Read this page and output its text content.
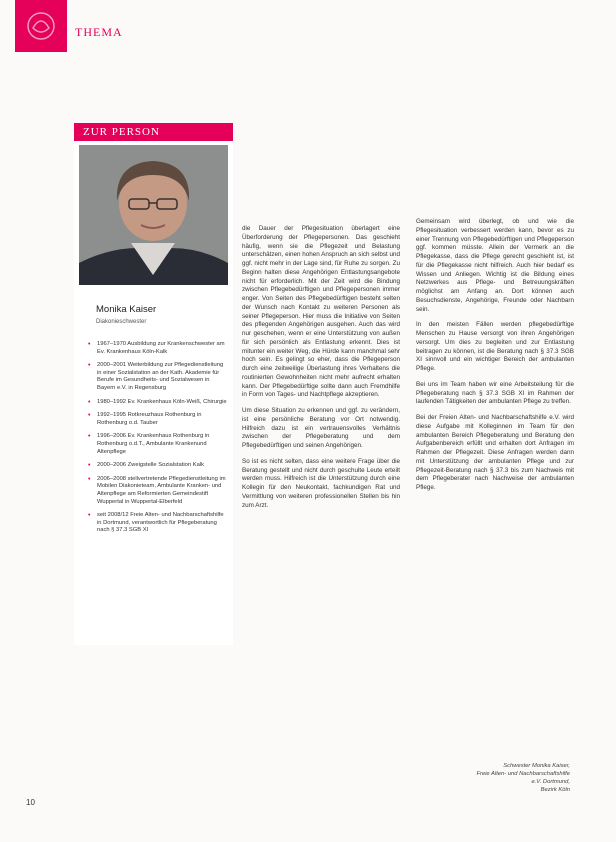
THEMA
ZUR PERSON
Monika Kaiser
Diakonieschwester
• 1967–1970 Ausbildung zur Krankenschwester am Ev. Krankenhaus Köln-Kalk
• 2000–2001 Weiterbildung zur Pflegedienstleitung in einer Sozialstation an der Kath. Akademie für Berufe im Gesundheits- und Sozialwesen in Bayern e.V. in Regensburg
• 1980–1992 Ev. Krankenhaus Köln-Weiß, Chirurgie
• 1992–1995 Rotkreuzhaus Rothenburg in Rothenburg o.d. Tauber
• 1996–2006 Ev. Krankenhaus Rothenburg in Rothenburg o.d.T., Ambulante Krankenund Altenpflege
• 2000–2006 Zweigstelle Sozialstation Kalk
• 2006–2008 stellvertretende Pflegedienstleitung im Mobilen Diakonieteam, Ambulante Kranken- und Altenpflege am Reformierten Gemeindestift Wuppertal in Wuppertal-Elberfeld
• seit 2008/12 Freie Alten- und Nachbarschaftshilfe in Dortmund, verantwortlich für Pflegeberatung nach § 37.3 SGB XI

die Dauer der Pflegesituation überlagert eine Überforderung der Pflegepersonen. Das geschieht häufig, wenn sie die Pflegezeit und Belastung unterschätzen, einen hohen Anspruch an sich selbst und ggf. nicht mehr in der Lage sind, für Ruhe zu sorgen. Zu Beginn halten diese Angehörigen Entlastungsangebote nicht für erforderlich. Mit der Zeit wird die Bindung zwischen Pflegebedürftigen und Pflegepersonen immer enger. Von Seiten des Pflegebedürftigen besteht selten der Wunsch nach Kontakt zu weiteren Personen als seiner Pflegeperson. Hier muss die Initiative von Seiten des pflegenden Angehörigen ausgehen. Auch das wird nur geschehen, wenn er eine Unterstützung von außen für sich persönlich als Entlastung erkennt. Dies ist mitunter ein weiter Weg, die Hürde kann manchmal sehr hoch sein. Es gelingt so eher, dass die Pflegeperson durch eine zeitweilige Überlastung ihres Verhaltens die routinierten Gewohnheiten nicht mehr aufrecht erhalten kann. Der Pflegebedürftige sollte dann auch Fremdhilfe in Form von Tages- und Nachtpflege akzeptieren.

Um diese Situation zu erkennen und ggf. zu verändern, ist eine persönliche Beratung vor Ort notwendig. Hilfreich dazu ist ein vertrauensvolles Verhältnis zwischen der Pflegeberatung und dem Pflegebedürftigen und seinen Angehörigen.

So ist es nicht selten, dass eine weitere Frage über die Beratung gestellt und nicht durch geschulte Leute erteilt werden muss. Hilfreich ist die Unterstützung durch eine Kollegin für den Neukontakt, fachkundigen Rat und Vermittlung von weiteren professionellen Stellen bis hin zum Arzt.

Gemeinsam wird überlegt, ob und wie die Pflegesituation verbessert werden kann, bevor es zu einer Trennung von Pflegebedürftigen und Pflegeperson ggf. kommen müsste. Allein der Vermerk an die Pflegekasse, dass die Pflege gerecht geschieht ist, ist für die Pflegekasse nicht hilfreich. Auch hier bedarf es Wissen und Anliegen. Wichtig ist die Bildung eines Netzwerkes aus Pflege- und Betreuungskräften möglichst am Anfang an. Dort können auch Besuchsdienste, Angehörige, Freunde oder Nachbarn sein.

In den meisten Fällen werden pflegebedürftige Menschen zu Hause versorgt von ihren Angehörigen versorgt. Um dies zu begleiten und zur Entlastung beitragen zu können, ist die Beratung nach § 37.3 SGB XI sinnvoll und ein wichtiger Bereich der ambulanten Pflege.

Bei uns im Team haben wir eine Arbeitsteilung für die Pflegeberatung nach § 37.3 SGB XI im Rahmen der laufenden Tätigkeiten der ambulanten Pflege zu treffen.

Bei der Freien Alten- und Nachbarschaftshilfe e.V. wird diese Aufgabe mit Kolleginnen im Team für den ambulanten Bereich Pflegeberatung und Beratung den Aufgabenbereich erfüllt und erhalten dort Anfragen im Rahmen der Pflegezeit. Diese Anfragen werden dann mit Unterstützung der ambulanten Pflege und zur Pflegezeit-Beratung nach § 37.3 bis zum Nachweis mit dem Pflegeberater nach Nachweise der ambulanten Pflege.

Schwester Monika Kaiser,
Freie Alten- und Nachbarschaftshilfe
e.V. Dortmund,
Bezirk Köln
10
